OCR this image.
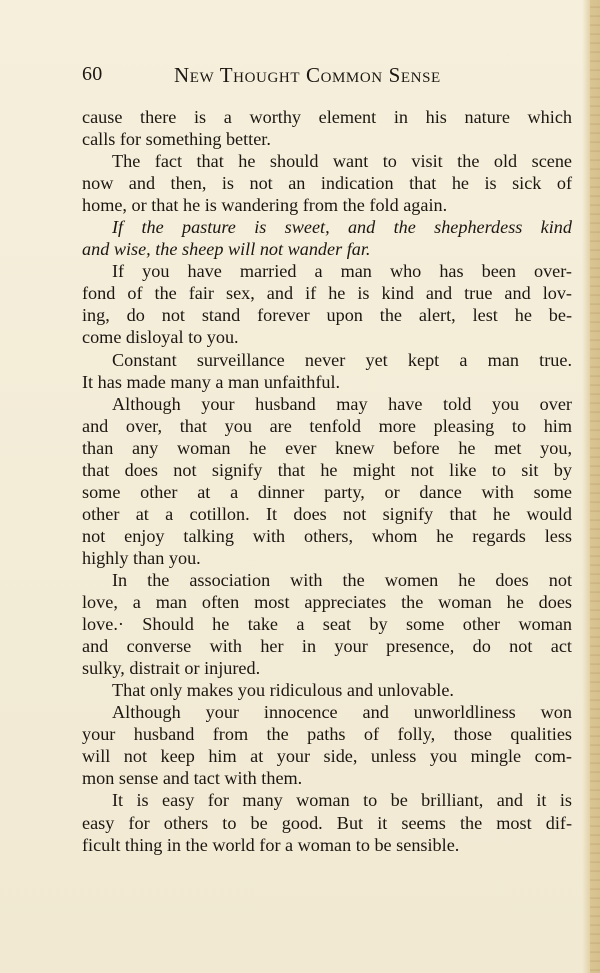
60	New Thought Common Sense

cause there is a worthy element in his nature which
calls for something better.

The fact that he should want to visit the old scene
now and then, is not an indication that he is sick of
home, or that he is wandering from the fold again.

If the pasture is sweet, and the shepherdess kind
and wise, the sheep will not wander far.

If you have married a man who has been over-
fond of the fair sex, and if he is kind and true and lov-
ing, do not stand forever upon the alert, lest he be-
come disloyal to you.

Constant surveillance never yet kept a man true.
It has made many a man unfaithful.

Although your husband may have told you over
and over, that you are tenfold more pleasing to him
than any woman he ever knew before he met you,
that does not signify that he might not like to sit by
some other at a dinner party, or dance with some
other at a cotillon. It does not signify that he would
not enjoy talking with others, whom he regards less
highly than you.

In the association with the women he does not
love, a man often most appreciates the woman he does
love.· Should he take a seat by some other woman
and converse with her in your presence, do not act
sulky, distrait or injured.

That only makes you ridiculous and unlovable.

Although your innocence and unworldliness won
your husband from the paths of folly, those qualities
will not keep him at your side, unless you mingle com-
mon sense and tact with them.

It is easy for many woman to be brilliant, and it is
easy for others to be good. But it seems the most dif-
ficult thing in the world for a woman to be sensible.
